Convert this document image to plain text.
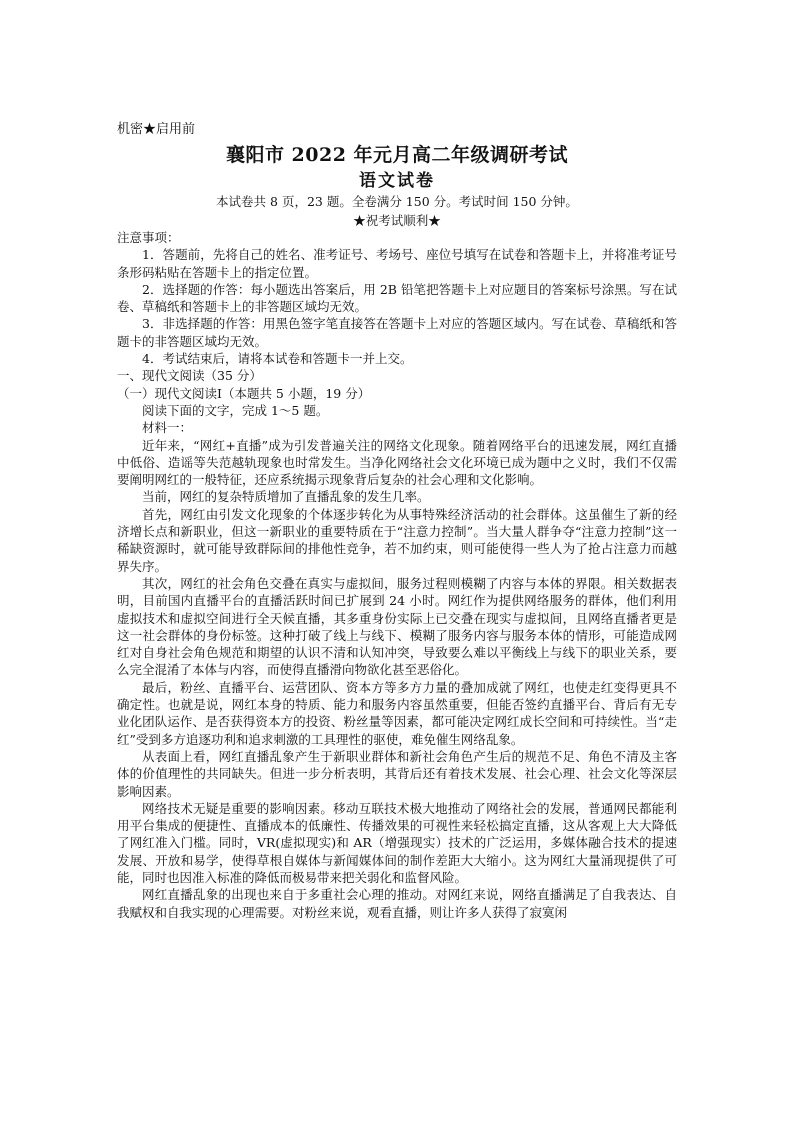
机密★启用前
襄阳市 2022 年元月高二年级调研考试
语文试卷
本试卷共 8 页，23 题。全卷满分 150 分。考试时间 150 分钟。
★祝考试顺利★

注意事项：

1．答题前，先将自己的姓名、准考证号、考场号、座位号填写在试卷和答题卡上，并将准考证号条形码粘贴在答题卡上的指定位置。

2．选择题的作答：每小题选出答案后，用 2B 铅笔把答题卡上对应题目的答案标号涂黑。写在试卷、草稿纸和答题卡上的非答题区域均无效。

3．非选择题的作答：用黑色签字笔直接答在答题卡上对应的答题区域内。写在试卷、草稿纸和答题卡的非答题区域均无效。

4．考试结束后，请将本试卷和答题卡一并上交。

一、现代文阅读（35 分）

（一）现代文阅读Ⅰ（本题共 5 小题，19 分）

阅读下面的文字，完成 1～5 题。

材料一：

近年来，“网红+直播”成为引发普遍关注的网络文化现象。随着网络平台的迅速发展，网红直播中低俗、造谣等失范越轨现象也时常发生。当净化网络社会文化环境已成为题中之义时，我们不仅需要阐明网红的一般特征，还应系统揭示现象背后复杂的社会心理和文化影响。

当前，网红的复杂特质增加了直播乱象的发生几率。

首先，网红由引发文化现象的个体逐步转化为从事特殊经济活动的社会群体。这虽催生了新的经济增长点和新职业，但这一新职业的重要特质在于“注意力控制”。当大量人群争夺“注意力控制”这一稀缺资源时，就可能导致群际间的排他性竞争，若不加约束，则可能使得一些人为了抢占注意力而越界失序。

其次，网红的社会角色交叠在真实与虚拟间，服务过程则模糊了内容与本体的界限。相关数据表明，目前国内直播平台的直播活跃时间已扩展到 24 小时。网红作为提供网络服务的群体，他们利用虚拟技术和虚拟空间进行全天候直播，其多重身份实际上已交叠在现实与虚拟间，且网络直播者更是这一社会群体的身份标签。这种打破了线上与线下、模糊了服务内容与服务本体的情形，可能造成网红对自身社会角色规范和期望的认识不清和认知冲突，导致要么难以平衡线上与线下的职业关系，要么完全混淆了本体与内容，而使得直播滑向物欲化甚至恶俗化。

最后，粉丝、直播平台、运营团队、资本方等多方力量的叠加成就了网红，也使走红变得更具不确定性。也就是说，网红本身的特质、能力和服务内容虽然重要，但能否签约直播平台、背后有无专业化团队运作、是否获得资本方的投资、粉丝量等因素，都可能决定网红成长空间和可持续性。当“走红”受到多方追逐功利和追求刺激的工具理性的驱使，难免催生网络乱象。

从表面上看，网红直播乱象产生于新职业群体和新社会角色产生后的规范不足、角色不清及主客体的价值理性的共同缺失。但进一步分析表明，其背后还有着技术发展、社会心理、社会文化等深层影响因素。

网络技术无疑是重要的影响因素。移动互联技术极大地推动了网络社会的发展，普通网民都能利用平台集成的便捷性、直播成本的低廉性、传播效果的可视性来轻松搞定直播，这从客观上大大降低了网红准入门槛。同时，VR(虚拟现实)和 AR（增强现实）技术的广泛运用，多媒体融合技术的提速发展、开放和易学，使得草根自媒体与新闻媒体间的制作差距大大缩小。这为网红大量涌现提供了可能，同时也因准入标准的降低而极易带来把关弱化和监督风险。

网红直播乱象的出现也来自于多重社会心理的推动。对网红来说，网络直播满足了自我表达、自我赋权和自我实现的心理需要。对粉丝来说，观看直播，则让许多人获得了寂寞闲
